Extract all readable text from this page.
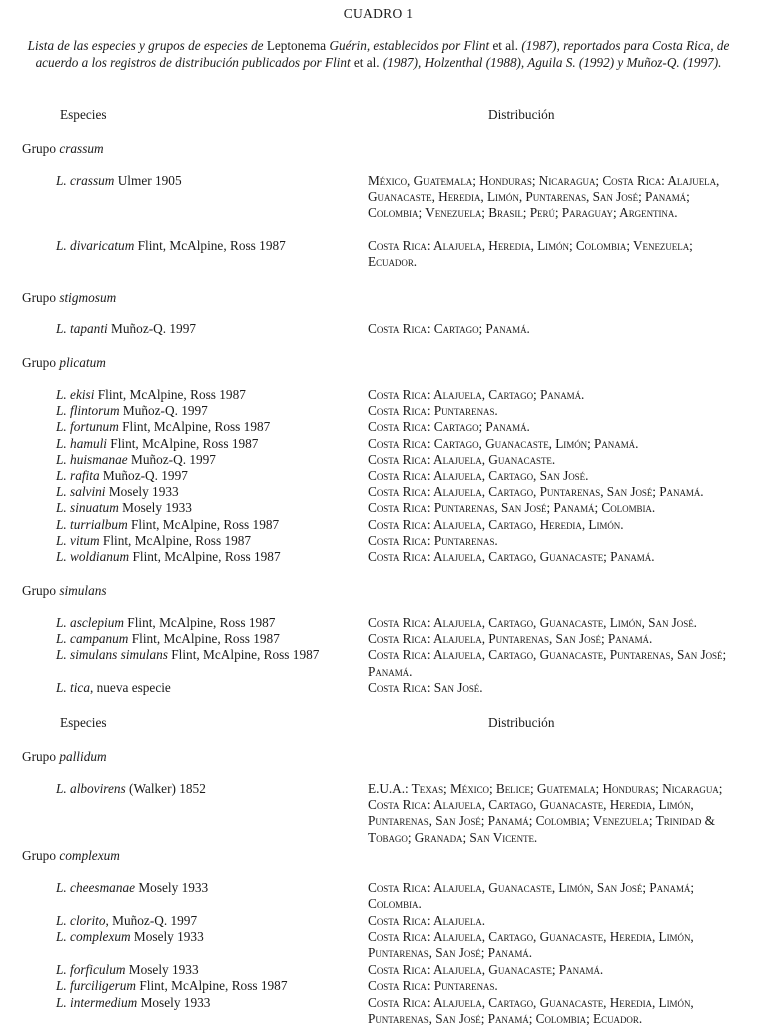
CUADRO 1
Lista de las especies y grupos de especies de Leptonema Guérin, establecidos por Flint et al. (1987), reportados para Costa Rica, de acuerdo a los registros de distribución publicados por Flint et al. (1987), Holzenthal (1988), Aguila S. (1992) y Muñoz-Q. (1997).
Especies	Distribución
Grupo crassum
L. crassum Ulmer 1905	México, Guatemala; Honduras; Nicaragua; Costa Rica: Alajuela, Guanacaste, Heredia, Limón, Puntarenas, San José; Panamá; Colombia; Venezuela; Brasil; Perú; Paraguay; Argentina.
L. divaricatum Flint, McAlpine, Ross 1987	Costa Rica: Alajuela, Heredia, Limón; Colombia; Venezuela; Ecuador.
Grupo stigmosum
L. tapanti Muñoz-Q. 1997	Costa Rica: Cartago; Panamá.
Grupo plicatum
L. ekisi Flint, McAlpine, Ross 1987	Costa Rica: Alajuela, Cartago; Panamá.
L. flintorum Muñoz-Q. 1997	Costa Rica: Puntarenas.
L. fortunum Flint, McAlpine, Ross 1987	Costa Rica: Cartago; Panamá.
L. hamuli Flint, McAlpine, Ross 1987	Costa Rica: Cartago, Guanacaste, Limón; Panamá.
L. huismanae Muñoz-Q. 1997	Costa Rica: Alajuela, Guanacaste.
L. rafita Muñoz-Q. 1997	Costa Rica: Alajuela, Cartago, San José.
L. salvini Mosely 1933	Costa Rica: Alajuela, Cartago, Puntarenas, San José; Panamá.
L. sinuatum Mosely 1933	Costa Rica: Puntarenas, San José; Panamá; Colombia.
L. turrialbum Flint, McAlpine, Ross 1987	Costa Rica: Alajuela, Cartago, Heredia, Limón.
L. vitum Flint, McAlpine, Ross 1987	Costa Rica: Puntarenas.
L. woldianum Flint, McAlpine, Ross 1987	Costa Rica: Alajuela, Cartago, Guanacaste; Panamá.
Grupo simulans
L. asclepium Flint, McAlpine, Ross 1987	Costa Rica: Alajuela, Cartago, Guanacaste, Limón, San José.
L. campanum Flint, McAlpine, Ross 1987	Costa Rica: Alajuela, Puntarenas, San José; Panamá.
L. simulans simulans Flint, McAlpine, Ross 1987	Costa Rica: Alajuela, Cartago, Guanacaste, Puntarenas, San José; Panamá.
L. tica, nueva especie	Costa Rica: San José.
Especies	Distribución
Grupo pallidum
L. albovirens (Walker) 1852	E.U.A.: Texas; México; Belice; Guatemala; Honduras; Nicaragua; Costa Rica: Alajuela, Cartago, Guanacaste, Heredia, Limón, Puntarenas, San José; Panamá; Colombia; Venezuela; Trinidad & Tobago; Granada; San Vicente.
Grupo complexum
L. cheesmanae Mosely 1933	Costa Rica: Alajuela, Guanacaste, Limón, San José; Panamá; Colombia.
L. clorito, Muñoz-Q. 1997	Costa Rica: Alajuela.
L. complexum Mosely 1933	Costa Rica: Alajuela, Cartago, Guanacaste, Heredia, Limón, Puntarenas, San José; Panamá.
L. forficulum Mosely 1933	Costa Rica: Alajuela, Guanacaste; Panamá.
L. furciligerum Flint, McAlpine, Ross 1987	Costa Rica: Puntarenas.
L. intermedium Mosely 1933	Costa Rica: Alajuela, Cartago, Guanacaste, Heredia, Limón, Puntarenas, San José; Panamá; Colombia; Ecuador.
